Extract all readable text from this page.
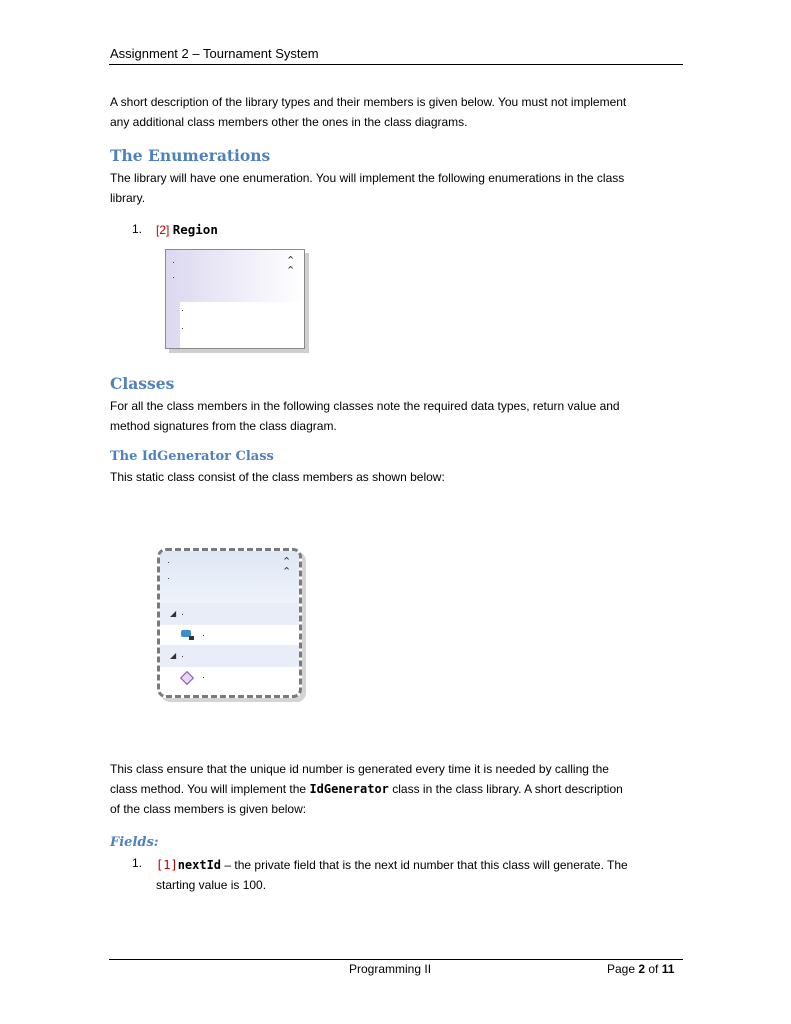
Assignment 2 – Tournament System
A short description of the library types and their members is given below. You must not implement
any additional class members other the ones in the class diagrams.
The Enumerations
The library will have one enumeration. You will implement the following enumerations in the class
library.
1. [2] Region
⌃
⌃
Classes
For all the class members in the following classes note the required data types, return value and
method signatures from the class diagram.
The IdGenerator Class
This static class consist of the class members as shown below:
⌃
⌃
◢
◢
This class ensure that the unique id number is generated every time it is needed by calling the
class method. You will implement the IdGenerator class in the class library. A short description
of the class members is given below:
Fields:
1. [1]nextId – the private field that is the next id number that this class will generate. The
starting value is 100.
Programming II	Page 2 of 11
